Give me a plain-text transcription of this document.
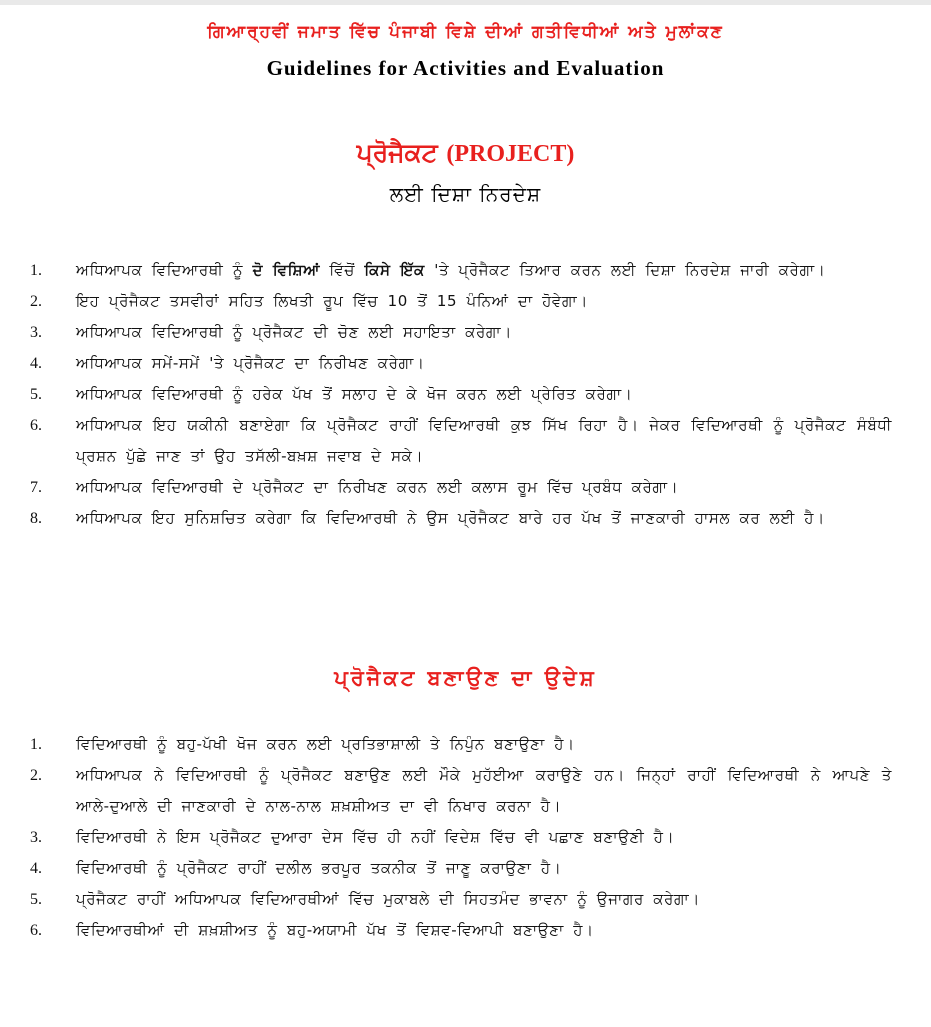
ਗਿਆਰ੍ਹਵੀਂ ਜਮਾਤ ਵਿੱਚ ਪੰਜਾਬੀ ਵਿਸ਼ੇ ਦੀਆਂ ਗਤੀਵਿਧੀਆਂ ਅਤੇ ਮੁਲਾਂਕਣ
Guidelines for Activities and Evaluation
ਪ੍ਰੋਜੈਕਟ (PROJECT)
ਲਈ ਦਿਸ਼ਾ ਨਿਰਦੇਸ਼
1.	ਅਧਿਆਪਕ ਵਿਦਿਆਰਥੀ ਨੂੰ ਦੋ ਵਿਸ਼ਿਆਂ ਵਿੱਚੋਂ ਕਿਸੇ ਇੱਕ 'ਤੇ ਪ੍ਰੋਜੈਕਟ ਤਿਆਰ ਕਰਨ ਲਈ ਦਿਸ਼ਾ ਨਿਰਦੇਸ਼ ਜਾਰੀ ਕਰੇਗਾ।
2.	ਇਹ ਪ੍ਰੋਜੈਕਟ ਤਸਵੀਰਾਂ ਸਹਿਤ ਲਿਖਤੀ ਰੂਪ ਵਿੱਚ 10 ਤੋਂ 15 ਪੰਨਿਆਂ ਦਾ ਹੋਵੇਗਾ।
3.	ਅਧਿਆਪਕ ਵਿਦਿਆਰਥੀ ਨੂੰ ਪ੍ਰੋਜੈਕਟ ਦੀ ਚੋਣ ਲਈ ਸਹਾਇਤਾ ਕਰੇਗਾ।
4.	ਅਧਿਆਪਕ ਸਮੇਂ-ਸਮੇਂ 'ਤੇ ਪ੍ਰੋਜੈਕਟ ਦਾ ਨਿਰੀਖਣ ਕਰੇਗਾ।
5.	ਅਧਿਆਪਕ ਵਿਦਿਆਰਥੀ ਨੂੰ ਹਰੇਕ ਪੱਖ ਤੋਂ ਸਲਾਹ ਦੇ ਕੇ ਖੋਜ ਕਰਨ ਲਈ ਪ੍ਰੇਰਿਤ ਕਰੇਗਾ।
6.	ਅਧਿਆਪਕ ਇਹ ਯਕੀਨੀ ਬਣਾਏਗਾ ਕਿ ਪ੍ਰੋਜੈਕਟ ਰਾਹੀਂ ਵਿਦਿਆਰਥੀ ਕੁਝ ਸਿੱਖ ਰਿਹਾ ਹੈ। ਜੇਕਰ ਵਿਦਿਆਰਥੀ ਨੂੰ ਪ੍ਰੋਜੈਕਟ ਸੰਬੰਧੀ ਪ੍ਰਸ਼ਨ ਪੁੱਛੇ ਜਾਣ ਤਾਂ ਉਹ ਤਸੱਲੀ-ਬਖ਼ਸ਼ ਜਵਾਬ ਦੇ ਸਕੇ।
7.	ਅਧਿਆਪਕ ਵਿਦਿਆਰਥੀ ਦੇ ਪ੍ਰੋਜੈਕਟ ਦਾ ਨਿਰੀਖਣ ਕਰਨ ਲਈ ਕਲਾਸ ਰੂਮ ਵਿੱਚ ਪ੍ਰਬੰਧ ਕਰੇਗਾ।
8.	ਅਧਿਆਪਕ ਇਹ ਸੁਨਿਸ਼ਚਿਤ ਕਰੇਗਾ ਕਿ ਵਿਦਿਆਰਥੀ ਨੇ ਉਸ ਪ੍ਰੋਜੈਕਟ ਬਾਰੇ ਹਰ ਪੱਖ ਤੋਂ ਜਾਣਕਾਰੀ ਹਾਸਲ ਕਰ ਲਈ ਹੈ।
ਪ੍ਰੋਜੈਕਟ ਬਣਾਉਣ ਦਾ ਉਦੇਸ਼
1.	ਵਿਦਿਆਰਥੀ ਨੂੰ ਬਹੁ-ਪੱਖੀ ਖੋਜ ਕਰਨ ਲਈ ਪ੍ਰਤਿਭਾਸ਼ਾਲੀ ਤੇ ਨਿਪੁੰਨ ਬਣਾਉਣਾ ਹੈ।
2.	ਅਧਿਆਪਕ ਨੇ ਵਿਦਿਆਰਥੀ ਨੂੰ ਪ੍ਰੋਜੈਕਟ ਬਣਾਉਣ ਲਈ ਮੌਕੇ ਮੁਹੱਈਆ ਕਰਾਉਣੇ ਹਨ। ਜਿਨ੍ਹਾਂ ਰਾਹੀਂ ਵਿਦਿਆਰਥੀ ਨੇ ਆਪਣੇ ਤੇ ਆਲੇ-ਦੁਆਲੇ ਦੀ ਜਾਣਕਾਰੀ ਦੇ ਨਾਲ-ਨਾਲ ਸ਼ਖ਼ਸ਼ੀਅਤ ਦਾ ਵੀ ਨਿਖਾਰ ਕਰਨਾ ਹੈ।
3.	ਵਿਦਿਆਰਥੀ ਨੇ ਇਸ ਪ੍ਰੋਜੈਕਟ ਦੁਆਰਾ ਦੇਸ ਵਿੱਚ ਹੀ ਨਹੀਂ ਵਿਦੇਸ਼ ਵਿੱਚ ਵੀ ਪਛਾਣ ਬਣਾਉਣੀ ਹੈ।
4.	ਵਿਦਿਆਰਥੀ ਨੂੰ ਪ੍ਰੋਜੈਕਟ ਰਾਹੀਂ ਦਲੀਲ ਭਰਪੂਰ ਤਕਨੀਕ ਤੋਂ ਜਾਣੂ ਕਰਾਉਣਾ ਹੈ।
5.	ਪ੍ਰੋਜੈਕਟ ਰਾਹੀਂ ਅਧਿਆਪਕ ਵਿਦਿਆਰਥੀਆਂ ਵਿੱਚ ਮੁਕਾਬਲੇ ਦੀ ਸਿਹਤਮੰਦ ਭਾਵਨਾ ਨੂੰ ਉਜਾਗਰ ਕਰੇਗਾ।
6.	ਵਿਦਿਆਰਥੀਆਂ ਦੀ ਸ਼ਖ਼ਸ਼ੀਅਤ ਨੂੰ ਬਹੁ-ਅਯਾਮੀ ਪੱਖ ਤੋਂ ਵਿਸ਼ਵ-ਵਿਆਪੀ ਬਣਾਉਣਾ ਹੈ।
